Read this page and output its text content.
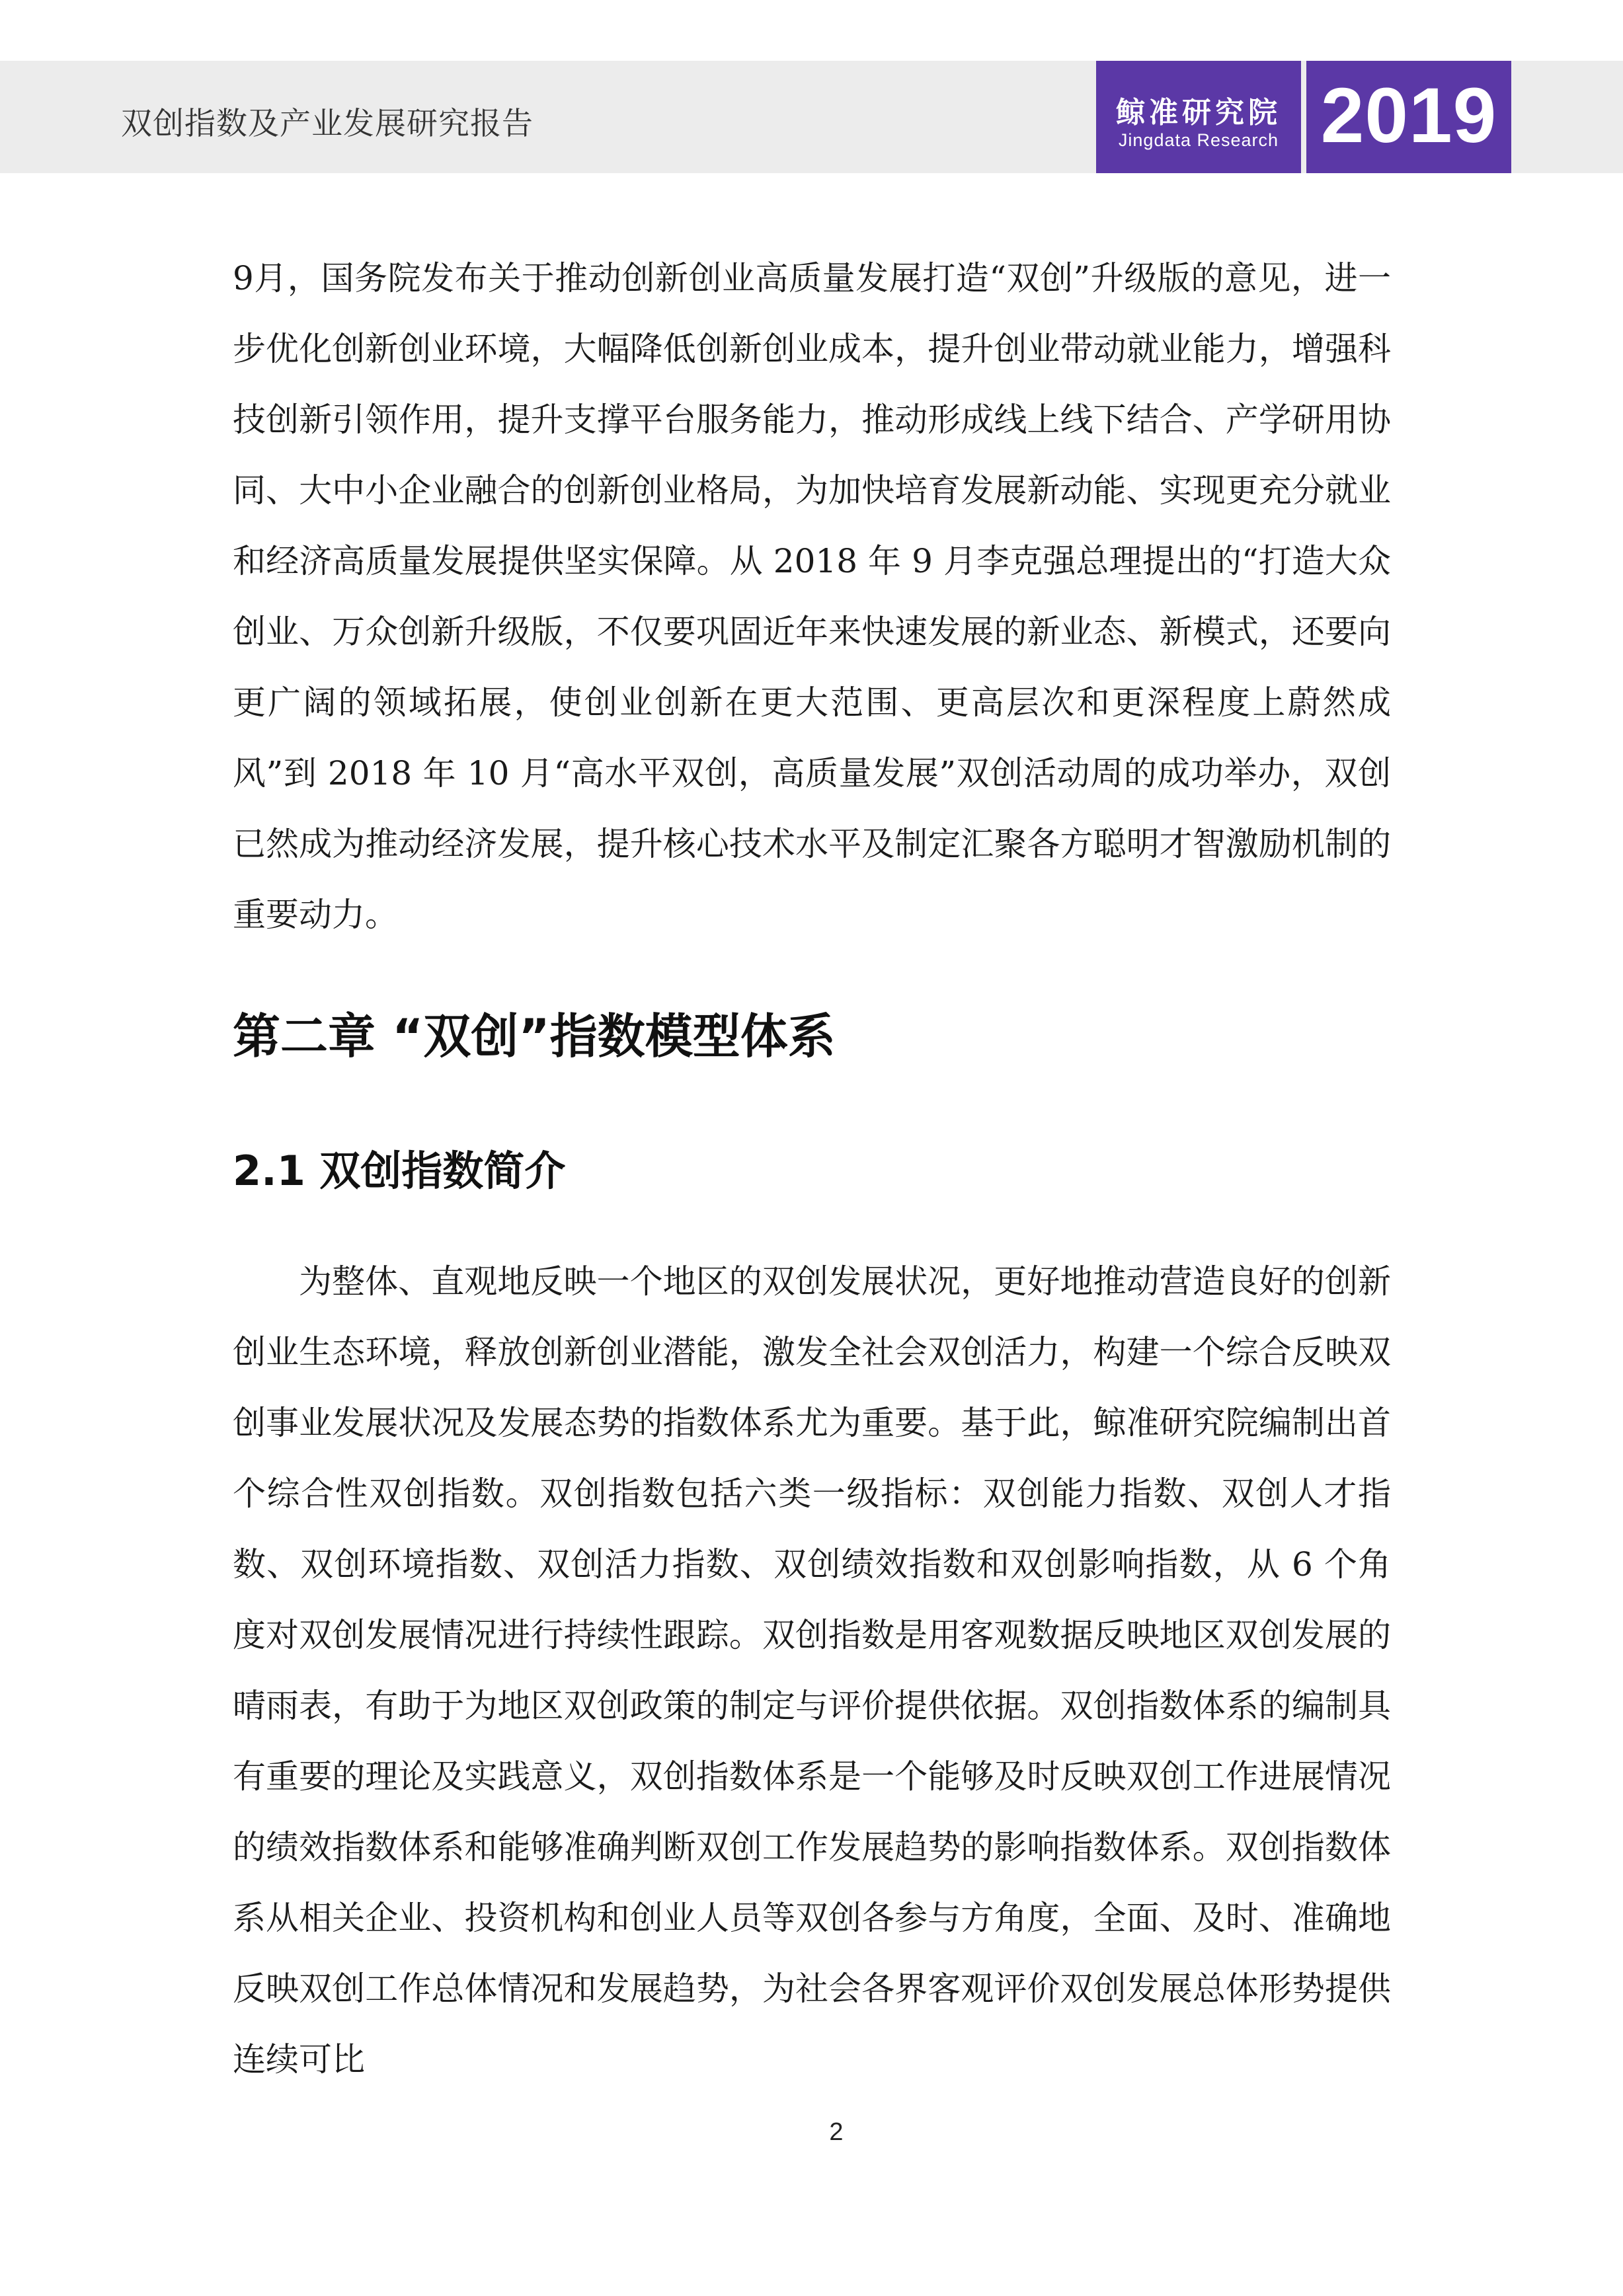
双创指数及产业发展研究报告	鲸准研究院
Jingdata Research 2019

9月，国务院发布关于推动创新创业高质量发展打造“双创”升级版的意见，进一步优化创新创业环境，大幅降低创新创业成本，提升创业带动就业能力，增强科技创新引领作用，提升支撑平台服务能力，推动形成线上线下结合、产学研用协同、大中小企业融合的创新创业格局，为加快培育发展新动能、实现更充分就业和经济高质量发展提供坚实保障。从 2018 年 9 月李克强总理提出的“打造大众创业、万众创新升级版，不仅要巩固近年来快速发展的新业态、新模式，还要向更广阔的领域拓展，使创业创新在更大范围、更高层次和更深程度上蔚然成风”到 2018 年 10 月“高水平双创，高质量发展”双创活动周的成功举办，双创已然成为推动经济发展，提升核心技术水平及制定汇聚各方聪明才智激励机制的重要动力。

第二章 “双创”指数模型体系
2.1 双创指数简介

为整体、直观地反映一个地区的双创发展状况，更好地推动营造良好的创新创业生态环境，释放创新创业潜能，激发全社会双创活力，构建一个综合反映双创事业发展状况及发展态势的指数体系尤为重要。基于此，鲸准研究院编制出首个综合性双创指数。双创指数包括六类一级指标：双创能力指数、双创人才指数、双创环境指数、双创活力指数、双创绩效指数和双创影响指数，从 6 个角度对双创发展情况进行持续性跟踪。双创指数是用客观数据反映地区双创发展的晴雨表，有助于为地区双创政策的制定与评价提供依据。双创指数体系的编制具有重要的理论及实践意义，双创指数体系是一个能够及时反映双创工作进展情况的绩效指数体系和能够准确判断双创工作发展趋势的影响指数体系。双创指数体系从相关企业、投资机构和创业人员等双创各参与方角度，全面、及时、准确地反映双创工作总体情况和发展趋势，为社会各界客观评价双创发展总体形势提供连续可比

2
